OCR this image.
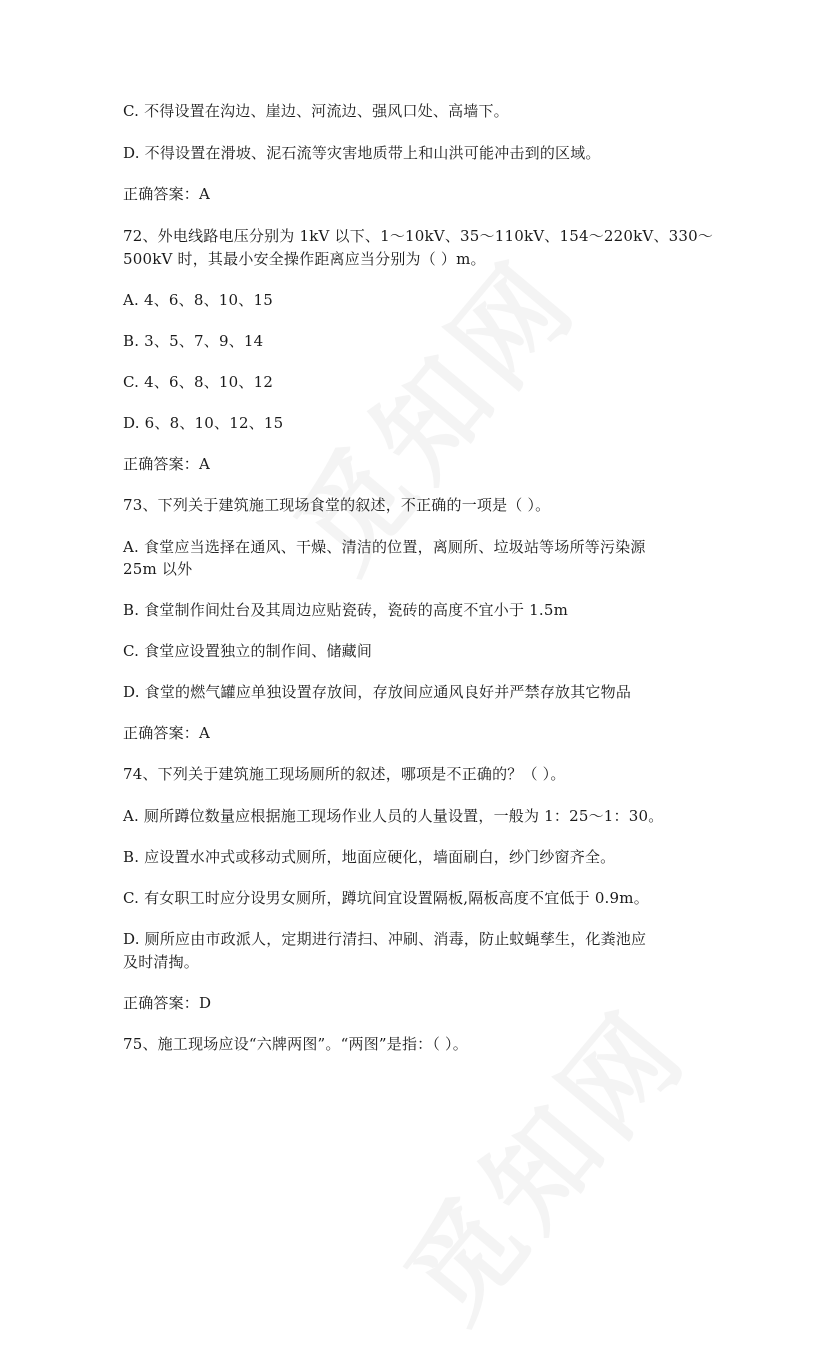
C. 不得设置在沟边、崖边、河流边、强风口处、高墙下。
D. 不得设置在滑坡、泥石流等灾害地质带上和山洪可能冲击到的区域。
正确答案：A
72、外电线路电压分别为 1kV 以下、1～10kV、35～110kV、154～220kV、330～
500kV 时，其最小安全操作距离应当分别为（ ）m。
A. 4、6、8、10、15
B. 3、5、7、9、14
C. 4、6、8、10、12
D. 6、8、10、12、15
正确答案：A
73、下列关于建筑施工现场食堂的叙述，不正确的一项是（ ）。
A. 食堂应当选择在通风、干燥、清洁的位置，离厕所、垃圾站等场所等污染源
25m 以外
B. 食堂制作间灶台及其周边应贴瓷砖，瓷砖的高度不宜小于 1.5m
C. 食堂应设置独立的制作间、储藏间
D. 食堂的燃气罐应单独设置存放间，存放间应通风良好并严禁存放其它物品
正确答案：A
74、下列关于建筑施工现场厕所的叙述，哪项是不正确的？（ ）。
A. 厕所蹲位数量应根据施工现场作业人员的人量设置，一般为 1：25～1：30。
B. 应设置水冲式或移动式厕所，地面应硬化，墙面刷白，纱门纱窗齐全。
C. 有女职工时应分设男女厕所，蹲坑间宜设置隔板,隔板高度不宜低于 0.9m。
D. 厕所应由市政派人，定期进行清扫、冲刷、消毒，防止蚊蝇孳生，化粪池应
及时清掏。
正确答案：D
75、施工现场应设“六牌两图”。“两图”是指：（ ）。
